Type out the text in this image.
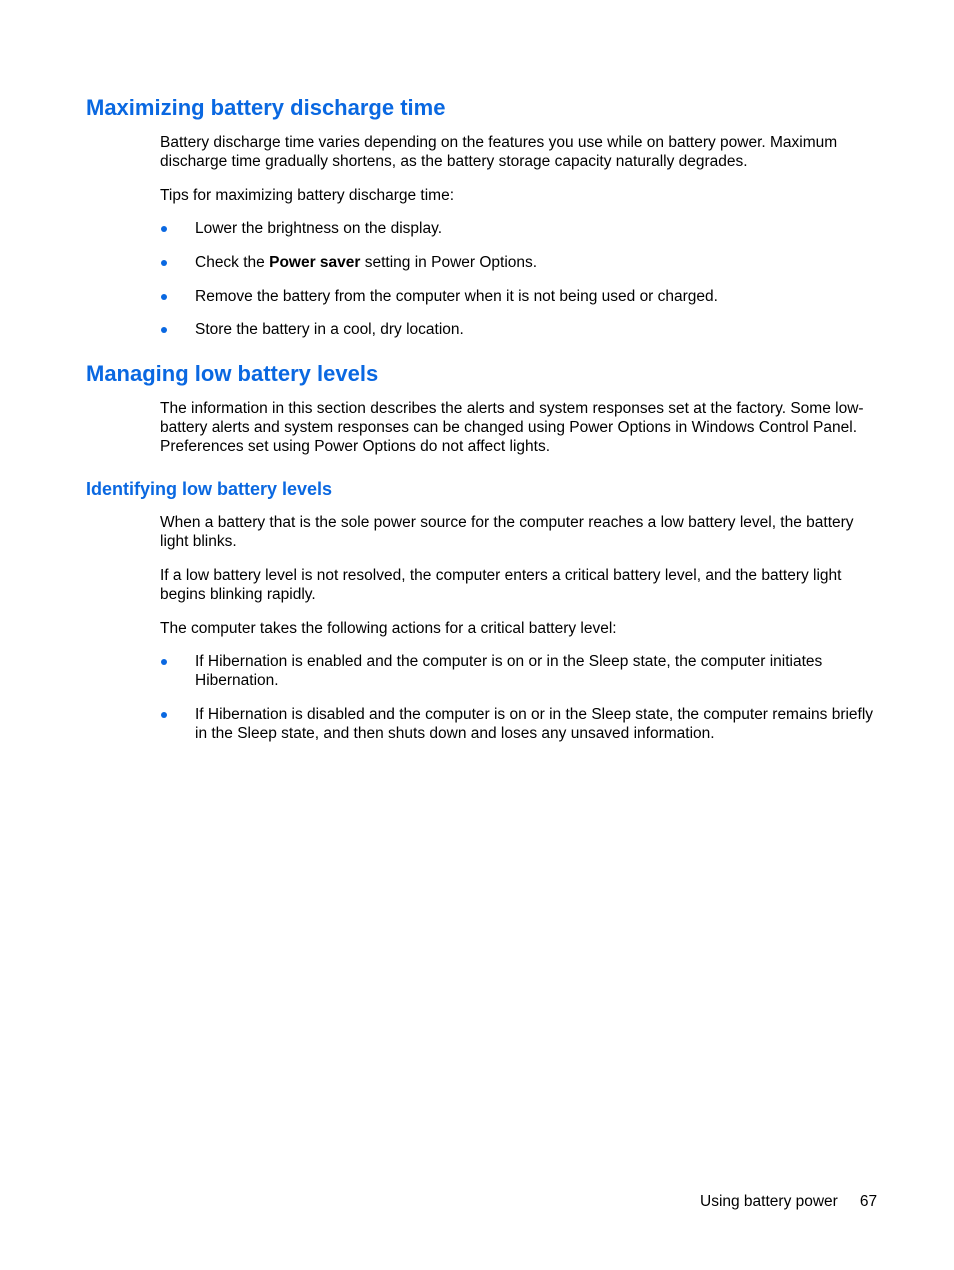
Maximizing battery discharge time

Battery discharge time varies depending on the features you use while on battery power. Maximum discharge time gradually shortens, as the battery storage capacity naturally degrades.

Tips for maximizing battery discharge time:

Lower the brightness on the display.
Check the Power saver setting in Power Options.
Remove the battery from the computer when it is not being used or charged.
Store the battery in a cool, dry location.
Managing low battery levels

The information in this section describes the alerts and system responses set at the factory. Some low-battery alerts and system responses can be changed using Power Options in Windows Control Panel. Preferences set using Power Options do not affect lights.

Identifying low battery levels

When a battery that is the sole power source for the computer reaches a low battery level, the battery light blinks.

If a low battery level is not resolved, the computer enters a critical battery level, and the battery light begins blinking rapidly.

The computer takes the following actions for a critical battery level:

If Hibernation is enabled and the computer is on or in the Sleep state, the computer initiates Hibernation.
If Hibernation is disabled and the computer is on or in the Sleep state, the computer remains briefly in the Sleep state, and then shuts down and loses any unsaved information.
Using battery power 67
